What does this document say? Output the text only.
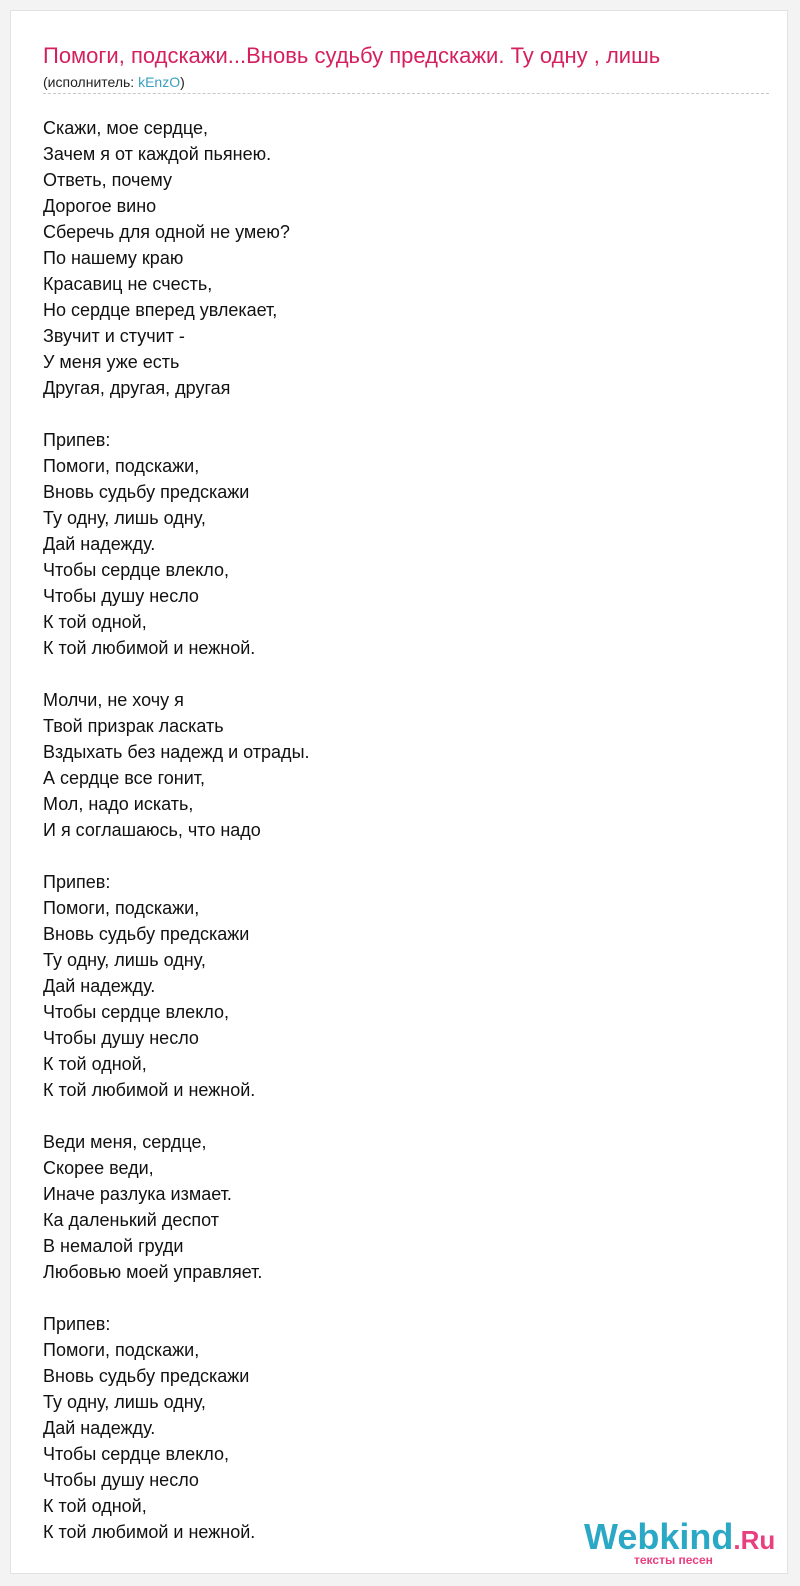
Помоги, подскажи...Вновь судьбу предскажи. Ту одну , лишь
(исполнитель: kEnzO)
Скажи, мое сердце,
Зачем я от каждой пьянею.
Ответь, почему
Дорогое вино
Сберечь для одной не умею?
По нашему краю
Красавиц не счесть,
Но сердце вперед увлекает,
Звучит и стучит -
У меня уже есть
Другая, другая, другая
Припев:
Помоги, подскажи,
Вновь судьбу предскажи
Ту одну, лишь одну,
Дай надежду.
Чтобы сердце влекло,
Чтобы душу несло
К той одной,
К той любимой и нежной.
Молчи, не хочу я
Твой призрак ласкать
Вздыхать без надежд и отрады.
А сердце все гонит,
Мол, надо искать,
И я соглашаюсь, что надо
Припев:
Помоги, подскажи,
Вновь судьбу предскажи
Ту одну, лишь одну,
Дай надежду.
Чтобы сердце влекло,
Чтобы душу несло
К той одной,
К той любимой и нежной.
Веди меня, сердце,
Скорее веди,
Иначе разлука измает.
Ка даленький деспот
В немалой груди
Любовью моей управляет.
Припев:
Помоги, подскажи,
Вновь судьбу предскажи
Ту одну, лишь одну,
Дай надежду.
Чтобы сердце влекло,
Чтобы душу несло
К той одной,
К той любимой и нежной.	Webkind.Ru
тексты песен
